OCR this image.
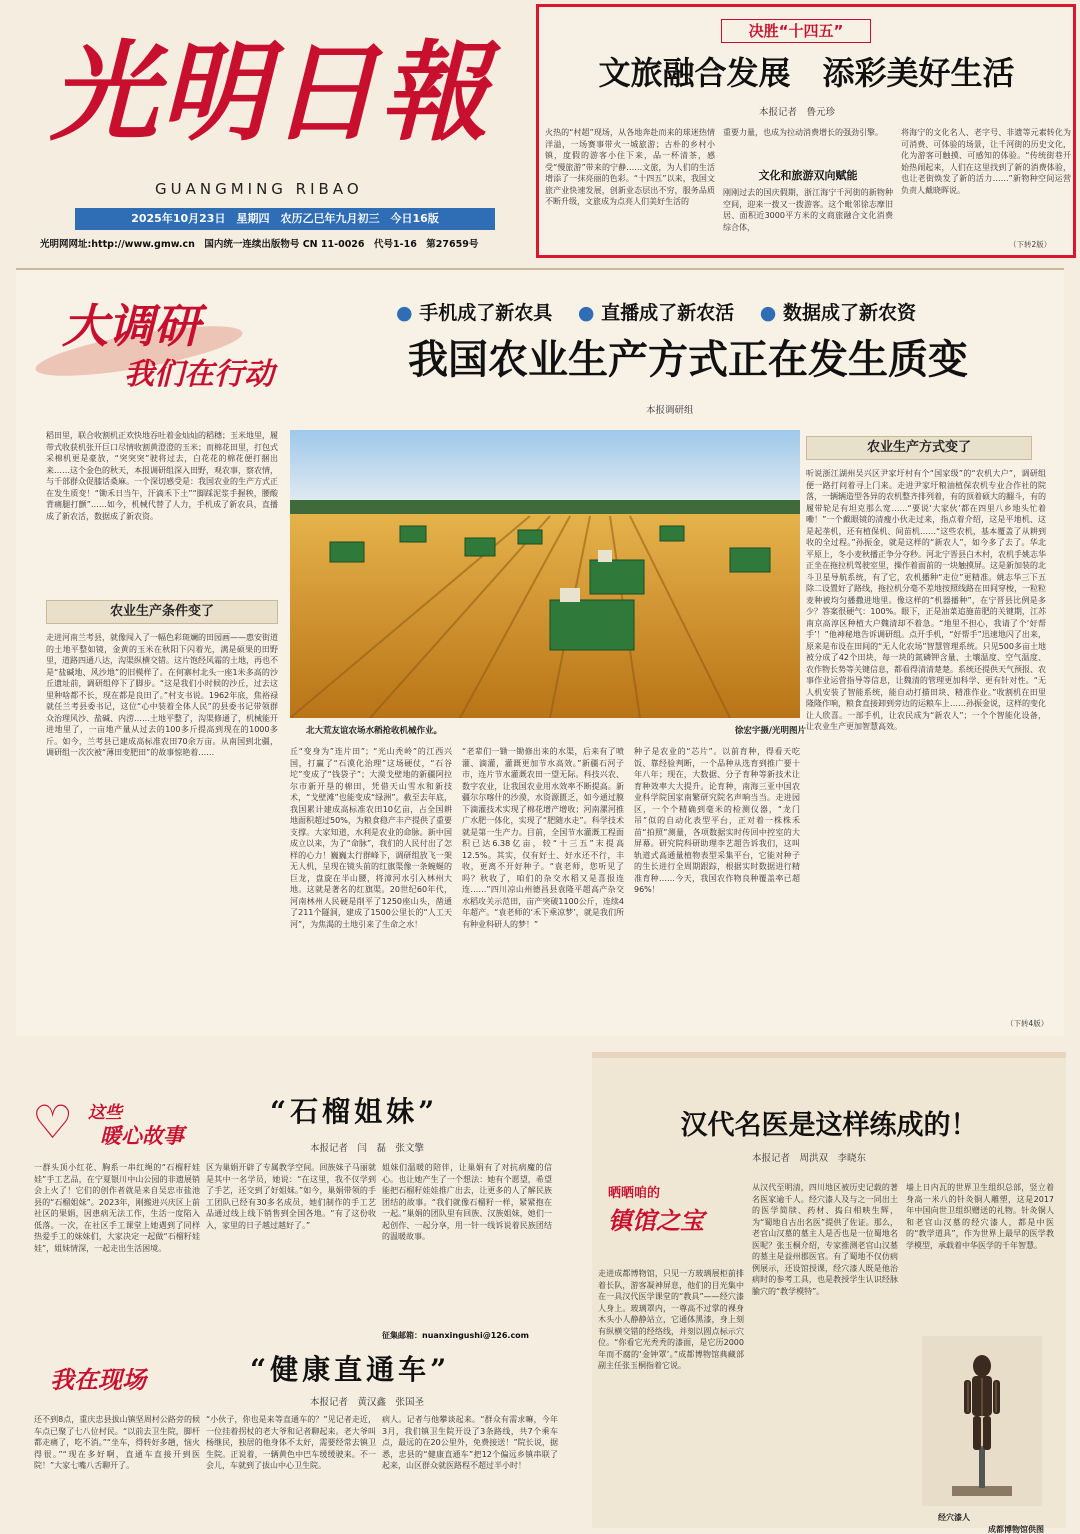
光明日報
GUANGMING RIBAO
2025年10月23日　星期四　农历乙巳年九月初三　今日16版
光明网网址:http://www.gmw.cn　国内统一连续出版物号 CN 11-0026　代号1-16　第27659号
决胜“十四五”
文旅融合发展　添彩美好生活
本报记者　鲁元珍
火热的“村超”现场，从各地奔赴而来的球迷热情洋溢，一场赛事带火一城旅游；古朴的乡村小镇，度假的游客小住下来，品一杯清茶，感受“慢旅游”带来的宁静……文旅，为人们的生活增添了一抹亮丽的色彩。“十四五”以来，我国文旅产业快速发展，创新业态层出不穷，服务品质不断升级，文旅成为点亮人们美好生活的
重要力量，也成为拉动消费增长的强劲引擎。
文化和旅游双向赋能
刚刚过去的国庆假期，浙江海宁千河街的新物种空间，迎来一拨又一拨游客。这个毗邻徐志摩旧居、面积近3000平方米的文商旅融合文化消费综合体，
将海宁的文化名人、老字号、非遗等元素转化为可消费、可体验的场景，让千河街的历史文化，化为游客可触摸、可感知的体验。“传统街巷开始热闹起来，人们在这里找到了新的消费体验，也让老街焕发了新的活力……”新物种空间运营负责人戴晓晖说。
（下转2版）
大调研
我们在行动
● 手机成了新农具　 ● 直播成了新农活　 ● 数据成了新农资
我国农业生产方式正在发生质变
本报调研组
稻田里，联合收割机正欢快地吞吐着金灿灿的稻穗；玉米地里，履带式收获机张开巨口尽情收割黄澄澄的玉米；而棉花田里，打包式采棉机更是豪放，“突突突”驶将过去，白花花的棉花便打捆出来……这个金色的秋天，本报调研组深入田野，观农事，察农情，与千部群众促膝话桑麻。一个深切感受是：我国农业的生产方式正在发生质变！“锄禾日当午，汗滴禾下土”“脚踩泥浆手握秧，腰酸背痛腿打颤”……如今，机械代替了人力，手机成了新农具，直播成了新农活，数据成了新农资。
农业生产条件变了
走进河南兰考县，就像闯入了一幅色彩斑斓的田园画——惠安街道的土地平整如镜，金黄的玉米在秋阳下闪着光，满是硕果的田野里，道路四通八达，沟渠纵横交错。这片饱经风霜的土地，再也不是“盐碱地、风沙地”的旧模样了。在何寨村北头一座1米多高的沙丘遗址前，调研组停下了脚步。“这是我们小时候的沙丘，过去这里种啥都不长，现在都是良田了。”村支书说。1962年底，焦裕禄就任兰考县委书记，这位“心中装着全体人民”的县委书记带领群众治理风沙、盐碱、内涝……土地平整了，沟渠修通了，机械能开进地里了，一亩地产量从过去的100多斤提高到现在的1000多斤。如今，兰考县已建成高标准农田70余万亩。从南国到北疆，调研组一次次被“薄田变肥田”的故事惊艳着……
北大荒友谊农场水稻抢收机械作业。	徐宏宇摄/光明图片
丘“变身为”连片田”；“光山秃岭”的江西兴国，打赢了“石漠化治理”这场硬仗，“石谷坨”变成了“钱袋子”；大漠戈壁地的新疆阿拉尔市新开垦的棉田，凭借天山雪水和新技术，“戈壁滩”也能变成“绿洲”。截至去年底，我国累计建成高标准农田10亿亩，占全国耕地面积超过50%，为粮食稳产丰产提供了重要支撑。大家知道，水利是农业的命脉。新中国成立以来，为了“命脉”，我们的人民付出了怎样的心力！巍巍太行群峰下，调研组放飞一架无人机，呈现在镜头前的红旗渠像一条蜿蜒的巨龙，盘旋在半山腰，将漳河水引入林州大地。这就是著名的红旗渠。20世纪60年代，河南林州人民硬是削平了1250座山头，凿通了211个隧洞，建成了1500公里长的“人工天河”，为焦渴的土地引来了生命之水！
“老辈们一锄一锄修出来的水渠，后来有了喷灌、滴灌，灌溉更加节水高效。”新疆石河子市，连片节水灌溉农田一望无际。科技兴农、数字农业，让我国农业用水效率不断提高。新疆尔尔喀什的沙漠，水资源匮乏，如今通过膜下滴灌技术实现了棉花增产增收；河南漯河推广水肥一体化，实现了“肥随水走”。科学技术就是第一生产力。目前，全国节水灌溉工程面积已达6.38亿亩，较“十三五”末提高12.5%。其实，仅有好土、好水还不行，丰收，更离不开好种子。“袁老师，您听见了吗？秋收了，咱们的杂交水稻又是喜报连连……”四川凉山州德昌县袁隆平超高产杂交水稻攻关示范田，亩产突破1100公斤，连续4年超产。“袁老师的‘禾下乘凉梦’，就是我们所有种业科研人的梦！”
种子是农业的“芯片”。以前育种，得看天吃饭、靠经验判断，一个品种从选育到推广要十年八年；现在，大数据、分子育种等新技术让育种效率大大提升。论育种，南海三亚中国农业科学院国家南繁研究院名声响当当。走进园区，一个个精确到毫米的检测仪器，“龙门吊”似的自动化表型平台，正对着一株株禾苗“拍照”测量，各项数据实时传回中控室的大屏幕。研究院科研助理李艺超告诉我们，这叫轨道式高通量植物表型采集平台，它能对种子的生长进行全周期跟踪，根据实时数据进行精准育种……今天，我国农作物良种覆盖率已超96%！
农业生产方式变了
听说浙江湖州吴兴区尹家圩村有个“国家级”的“农机大户”，调研组便一路打问着寻上门来。走进尹家圩粮油植保农机专业合作社的院落，一辆辆造型各异的农机整齐排列着，有的顶着硕大的翻斗，有的履带轮足有坦克那么宽……“要说‘大家伙’都在四里八乡地头忙着嘞！”一个戴眼镜的清瘦小伙走过来，指点着介绍，这是平地机、这是起垄机，还有植保机、间苗机……“这些农机，基本覆盖了从耕到收的全过程。”孙振金，就是这样的“新农人”，如今多了去了。华北平原上，冬小麦秋播正争分夺秒。河北宁晋县白木村，农机手姚志华正坐在拖拉机驾驶室里，操作着面前的一块触摸屏。这是新加装的北斗卫星导航系统，有了它，农机播种“走位”更精准。姚志华三下五除二设置好了路线，拖拉机分毫不差地按照线路在田间穿梭，一粒粒麦种被均匀播撒进地里。像这样的“机器播种”，在宁晋县比例是多少？答案很硬气：100%。眼下，正是油菜追施苗肥的关键期，江苏南京高淳区种植大户魏清却不着急。“地里不担心，我请了个‘好帮手’！”他神秘地告诉调研组。点开手机，“好帮手”迅速地闪了出来，原来是布设在田间的“无人化农场”智慧管理系统。只见500多亩土地被分成了42个田块，每一块的氮磷钾含量、土壤温度、空气温度、农作物长势等关键信息，都看得清清楚楚。系统还提供天气预报、农事作业运营指导等信息，让魏清的管理更加科学、更有针对性。“无人机安装了智能系统，能自动打描田块、精准作业。”收割机在田里隆隆作响，粮食直接卸到旁边的运粮车上……孙振金说，这样的变化让人欣喜。一部手机，让农民成为“新农人”；一个个智能化设备，让农业生产更加智慧高效。
（下转4版）
♡ 这些
暖心故事
“石榴姐妹”
本报记者　闫　磊　张文擎
一群头顶小红花、胸系一串红绳的“石榴籽娃娃”手工艺品，在宁夏银川中山公园的非遗展销会上火了！它们的创作者就是来自吴忠市盐池县的“石榴姐妹”。2023年，刚搬进兴庆区上前社区的果娟，因患病无法工作，生活一度陷入低落。一次，在社区手工课堂上她遇到了同样热爱手工的妹妹们，大家决定一起做“石榴籽娃娃”，姐妹情深，一起走出生活困境。
区为巢娟开辟了专属教学空间。回族妹子马丽就是其中一名学员，她说：“在这里，我不仅学到了手艺，还交到了好姐妹。”如今，巢娟带领的手工团队已经有30多名成员，她们制作的手工艺品通过线上线下销售到全国各地。“有了这份收入，家里的日子越过越好了。”
姐妹们温暖的陪伴，让巢娟有了对抗病魔的信心。也让她产生了一个想法：她有个愿望，希望能把石榴籽娃娃推广出去，让更多的人了解民族团结的故事。“我们就像石榴籽一样，紧紧抱在一起。”巢娟的团队里有回族、汉族姐妹，她们一起创作、一起分享，用一针一线诉说着民族团结的温暖故事。
征集邮箱：nuanxingushi@126.com
我在现场	“健康直通车”
本报记者　黄汉鑫　张国圣
还不到8点，重庆忠县拔山镇坚周村公路旁的候车点已聚了七八位村民。“以前去卫生院，脚杆都走痛了，吃不消。”“坐车，得转好多趟，恼火得很。”“现在多好啊，直通车直接开到医院！”大家七嘴八舌聊开了。
“小伙子，你也是来等直通车的？”见记者走近，一位挂着拐杖的老大爷和记者聊起来。老大爷叫杨继民，独居的他身体不太好，需要经常去镇卫生院。正说着，一辆黄色中巴车缓缓驶来。不一会儿，车就到了拔山中心卫生院。
病人。记者与他攀谈起来。“群众有需求嘛，今年3月，我们镇卫生院开设了3条路线，共7个乘车点，最远的在20公里外，免费接送！”院长说，据悉，忠县的“健康直通车”把12个偏远乡镇串联了起来，山区群众就医路程不超过半小时！
汉代名医是这样练成的！
本报记者　周洪双　李晓东
晒晒咱的
镇馆之宝
走进成都博物馆，只见一方玻璃展柜前排着长队，游客凝神屏息，他们的目光集中在一具汉代医学课堂的“教具”——经穴漆人身上。玻璃罩内，一尊高不过掌的裸身木头小人静静站立，它通体黑漆，身上刻有纵横交错的经络线，并刻以圆点标示穴位。“你看它光秃秃的漆面，是它历2000年而不腐的‘金钟罩’。”成都博物馆典藏部副主任张玉桐指着它说。
从汉代至明清，四川地区被历史记载的著名医家逾千人。经穴漆人及与之一同出土的医学简牍、药材、捣臼相映生辉，为“蜀地自古出名医”提供了佐证。那么，老官山汉墓的墓主人是否也是一位蜀地名医呢？张玉桐介绍，专家推测老官山汉墓的墓主是益州郡医官。有了蜀地不仅仿病例展示，还设馆授课，经穴漆人既是他治病时的参考工具，也是教授学生认识经脉腧穴的“教学模特”。
墙上日内瓦的世界卫生组织总部，竖立着身高一米八的针灸铜人雕塑，这是2017年中国向世卫组织赠送的礼物。针灸铜人和老官山汉墓的经穴漆人，都是中医的“教学道具”，作为世界上最早的医学教学模型，承载着中华医学的千年智慧。
经穴漆人
成都博物馆供图
